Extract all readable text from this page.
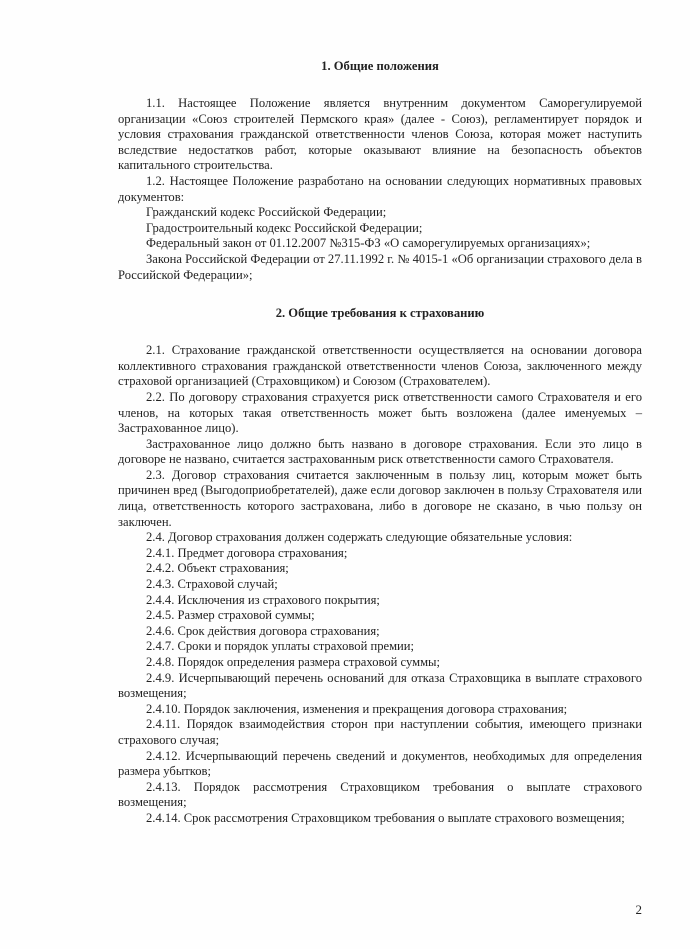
1. Общие положения

1.1. Настоящее Положение является внутренним документом Саморегулируемой организации «Союз строителей Пермского края» (далее - Союз), регламентирует порядок и условия страхования гражданской ответственности членов Союза, которая может наступить вследствие недостатков работ, которые оказывают влияние на безопасность объектов капитального строительства.

1.2. Настоящее Положение разработано на основании следующих нормативных правовых документов:

Гражданский кодекс Российской Федерации;
Градостроительный кодекс Российской Федерации;
Федеральный закон от 01.12.2007 №315-ФЗ «О саморегулируемых организациях»;

Закона Российской Федерации от 27.11.1992 г. № 4015-1 «Об организации страхового дела в Российской Федерации»;

2. Общие требования к страхованию

2.1. Страхование гражданской ответственности осуществляется на основании договора коллективного страхования гражданской ответственности членов Союза, заключенного между страховой организацией (Страховщиком) и Союзом (Страхователем).

2.2. По договору страхования страхуется риск ответственности самого Страхователя и его членов, на которых такая ответственность может быть возложена (далее именуемых – Застрахованное лицо).

Застрахованное лицо должно быть названо в договоре страхования. Если это лицо в договоре не названо, считается застрахованным риск ответственности самого Страхователя.

2.3. Договор страхования считается заключенным в пользу лиц, которым может быть причинен вред (Выгодоприобретателей), даже если договор заключен в пользу Страхователя или лица, ответственность которого застрахована, либо в договоре не сказано, в чью пользу он заключен.

2.4. Договор страхования должен содержать следующие обязательные условия:

2.4.1. Предмет договора страхования;
2.4.2. Объект страхования;
2.4.3. Страховой случай;
2.4.4. Исключения из страхового покрытия;
2.4.5. Размер страховой суммы;
2.4.6. Срок действия договора страхования;
2.4.7. Сроки и порядок уплаты страховой премии;
2.4.8. Порядок определения размера страховой суммы;

2.4.9. Исчерпывающий перечень оснований для отказа Страховщика в выплате страхового возмещения;

2.4.10. Порядок заключения, изменения и прекращения договора страхования;

2.4.11. Порядок взаимодействия сторон при наступлении события, имеющего признаки страхового случая;

2.4.12. Исчерпывающий перечень сведений и документов, необходимых для определения размера убытков;

2.4.13. Порядок рассмотрения Страховщиком требования о выплате страхового возмещения;

2.4.14. Срок рассмотрения Страховщиком требования о выплате страхового возмещения;

2
